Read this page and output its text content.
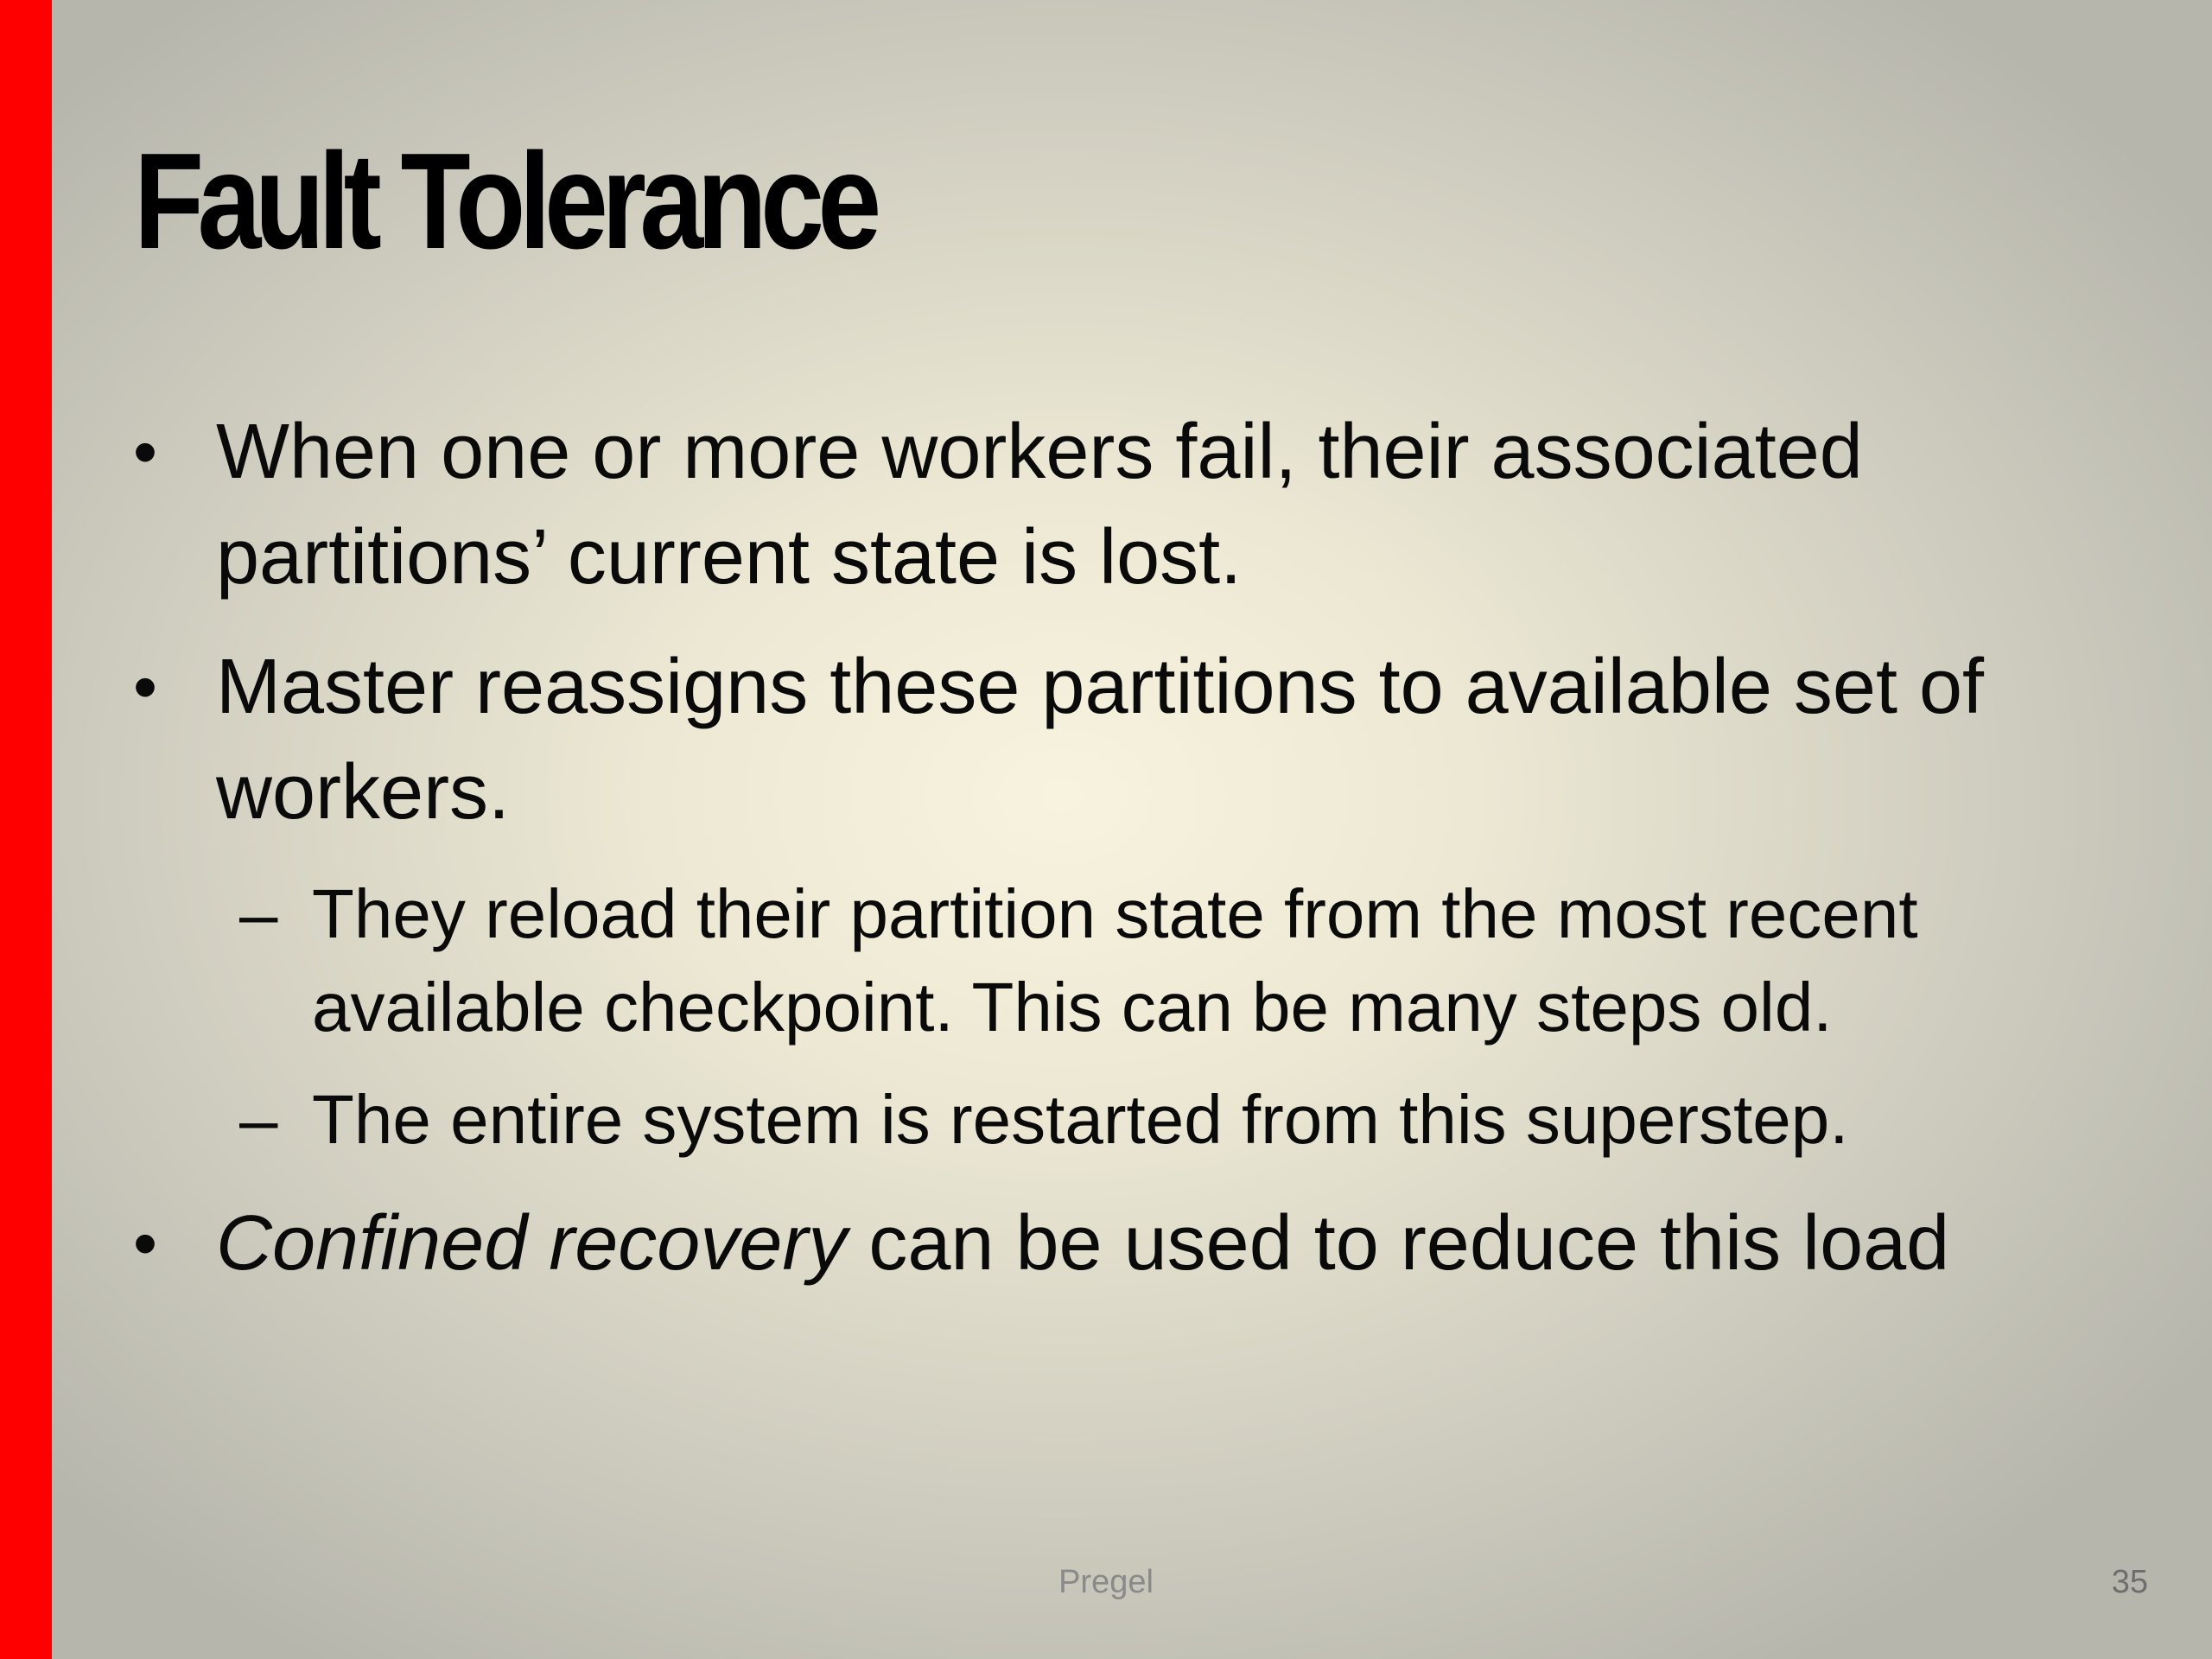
Fault Tolerance
• When one or more workers fail, their associated partitions’ current state is lost.
• Master reassigns these partitions to available set of workers.
– They reload their partition state from the most recent available checkpoint. This can be many steps old.
– The entire system is restarted from this superstep.
• Confined recovery can be used to reduce this load
Pregel	35
